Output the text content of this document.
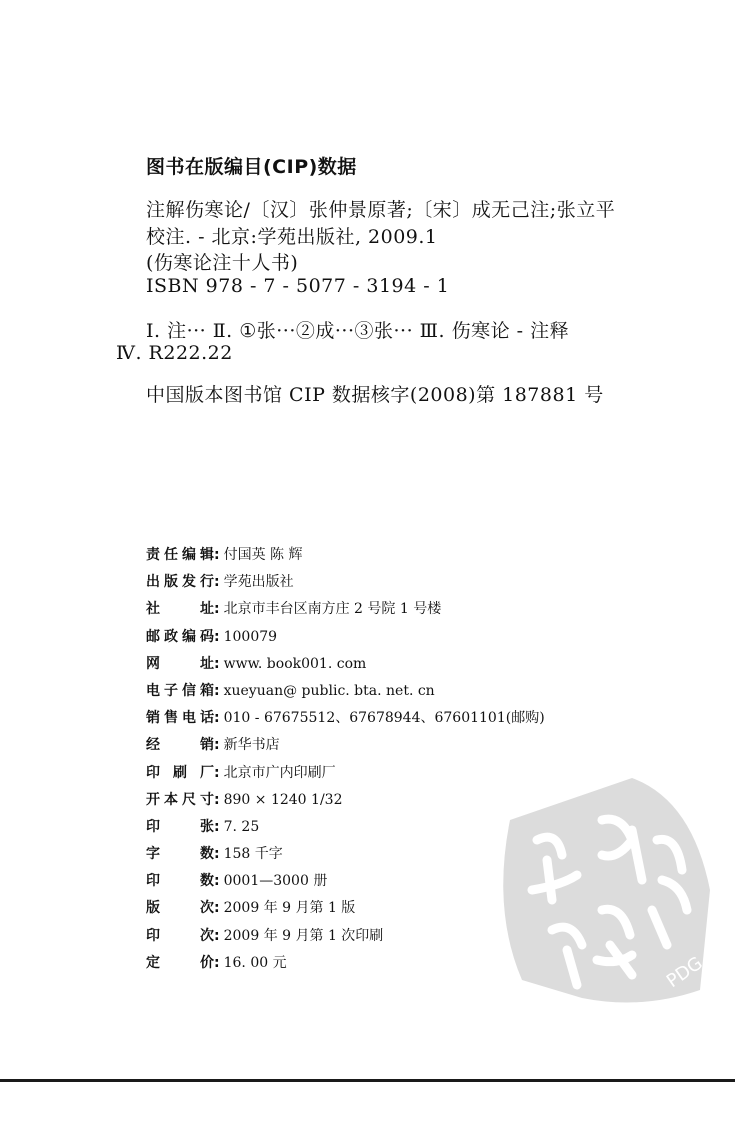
图书在版编目(CIP)数据
注解伤寒论/〔汉〕张仲景原著;〔宋〕成无己注;张立平
校注. - 北京:学苑出版社, 2009.1
(伤寒论注十人书)
ISBN 978 - 7 - 5077 - 3194 - 1
Ⅰ. 注··· Ⅱ. ①张···②成···③张··· Ⅲ. 伤寒论 - 注释
Ⅳ. R222.22
中国版本图书馆 CIP 数据核字(2008)第 187881 号
责任编辑: 付国英 陈 辉
出版发行: 学苑出版社
社址: 北京市丰台区南方庄 2 号院 1 号楼
邮政编码: 100079
网址: www. book001. com
电子信箱: xueyuan@ public. bta. net. cn
销售电话: 010 - 67675512、67678944、67601101(邮购)
经销: 新华书店
印刷厂: 北京市广内印刷厂
开本尺寸: 890 × 1240 1/32
印张: 7. 25
字数: 158 千字
印数: 0001—3000 册
版次: 2009 年 9 月第 1 版
印次: 2009 年 9 月第 1 次印刷
定价: 16. 00 元	PDG
